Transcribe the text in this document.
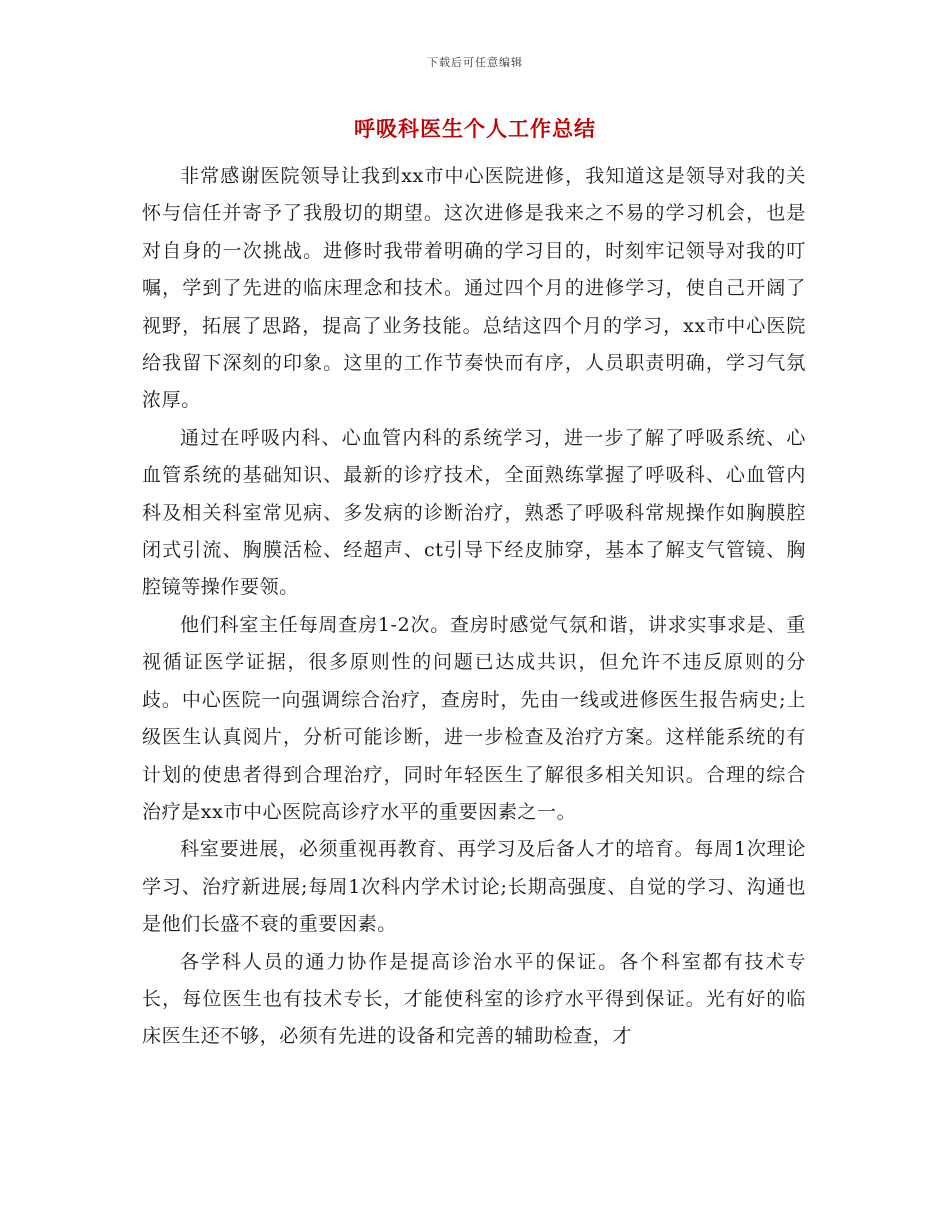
下载后可任意编辑
呼吸科医生个人工作总结

非常感谢医院领导让我到xx市中心医院进修，我知道这是领导对我的关怀与信任并寄予了我殷切的期望。这次进修是我来之不易的学习机会，也是对自身的一次挑战。进修时我带着明确的学习目的，时刻牢记领导对我的叮嘱，学到了先进的临床理念和技术。通过四个月的进修学习，使自己开阔了视野，拓展了思路，提高了业务技能。总结这四个月的学习，xx市中心医院给我留下深刻的印象。这里的工作节奏快而有序，人员职责明确，学习气氛浓厚。

通过在呼吸内科、心血管内科的系统学习，进一步了解了呼吸系统、心血管系统的基础知识、最新的诊疗技术，全面熟练掌握了呼吸科、心血管内科及相关科室常见病、多发病的诊断治疗，熟悉了呼吸科常规操作如胸膜腔闭式引流、胸膜活检、经超声、ct引导下经皮肺穿，基本了解支气管镜、胸腔镜等操作要领。

他们科室主任每周查房1-2次。查房时感觉气氛和谐，讲求实事求是、重视循证医学证据，很多原则性的问题已达成共识，但允许不违反原则的分歧。中心医院一向强调综合治疗，查房时，先由一线或进修医生报告病史;上级医生认真阅片，分析可能诊断，进一步检查及治疗方案。这样能系统的有计划的使患者得到合理治疗，同时年轻医生了解很多相关知识。合理的综合治疗是xx市中心医院高诊疗水平的重要因素之一。

科室要进展，必须重视再教育、再学习及后备人才的培育。每周1次理论学习、治疗新进展;每周1次科内学术讨论;长期高强度、自觉的学习、沟通也是他们长盛不衰的重要因素。

各学科人员的通力协作是提高诊治水平的保证。各个科室都有技术专长，每位医生也有技术专长，才能使科室的诊疗水平得到保证。光有好的临床医生还不够，必须有先进的设备和完善的辅助检查，才
